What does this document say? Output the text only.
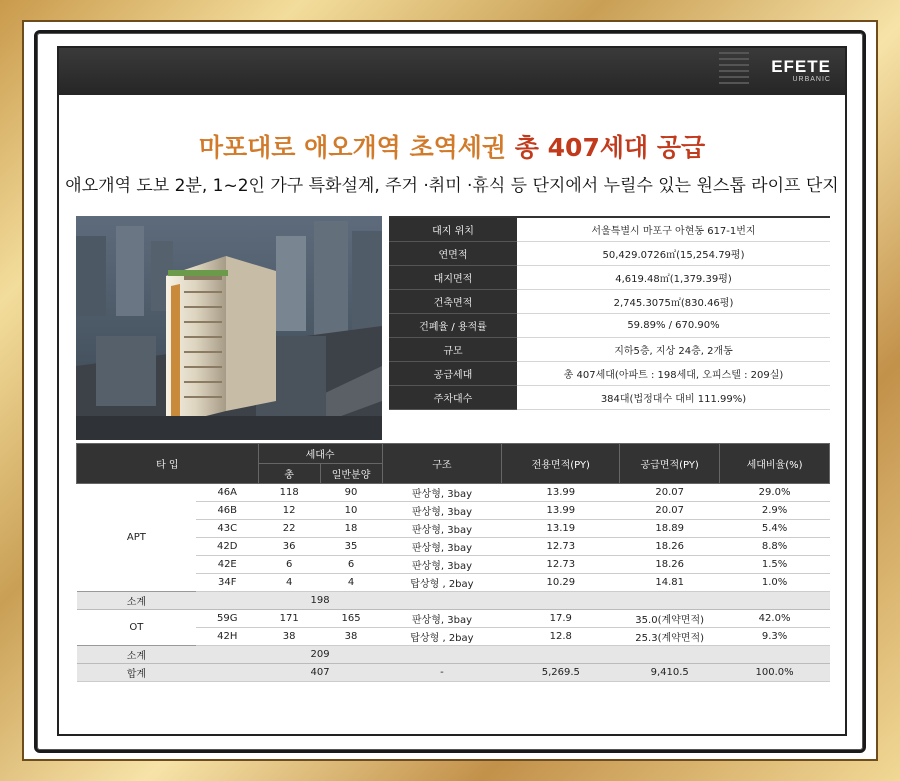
EFETE
URBANIC
마포대로 애오개역 초역세권 총 407세대 공급
애오개역 도보 2분, 1~2인 가구 특화설계, 주거 ·취미 ·휴식 등 단지에서 누릴수 있는 원스톱 라이프 단지
대지 위치	서울특별시 마포구 아현동 617-1번지
연면적	50,429.0726㎡(15,254.79평)
대지면적	4,619.48㎡(1,379.39평)
건축면적	2,745.3075㎡(830.46평)
건폐율 / 용적률	59.89% / 670.90%
규모	지하5층, 지상 24층, 2개동
공급세대	총 407세대(아파트 : 198세대, 오피스텔 : 209실)
주차대수	384대(법정대수 대비 111.99%)
타 입		세대수		구조	전용면적(PY)	공급면적(PY)	세대비율(%)
		총	일반분양				
APT	46A	118	90	판상형, 3bay	13.99	20.07	29.0%
	46B	12	10	판상형, 3bay	13.99	20.07	2.9%
	43C	22	18	판상형, 3bay	13.19	18.89	5.4%
	42D	36	35	판상형, 3bay	12.73	18.26	8.8%
	42E	6	6	판상형, 3bay	12.73	18.26	1.5%
	34F	4	4	탑상형 , 2bay	10.29	14.81	1.0%
소계		198					
OT	59G	171	165	판상형, 3bay	17.9	35.0(계약면적)	42.0%
	42H	38	38	탑상형 , 2bay	12.8	25.3(계약면적)	9.3%
소계		209					
합계		407		-	5,269.5	9,410.5	100.0%
